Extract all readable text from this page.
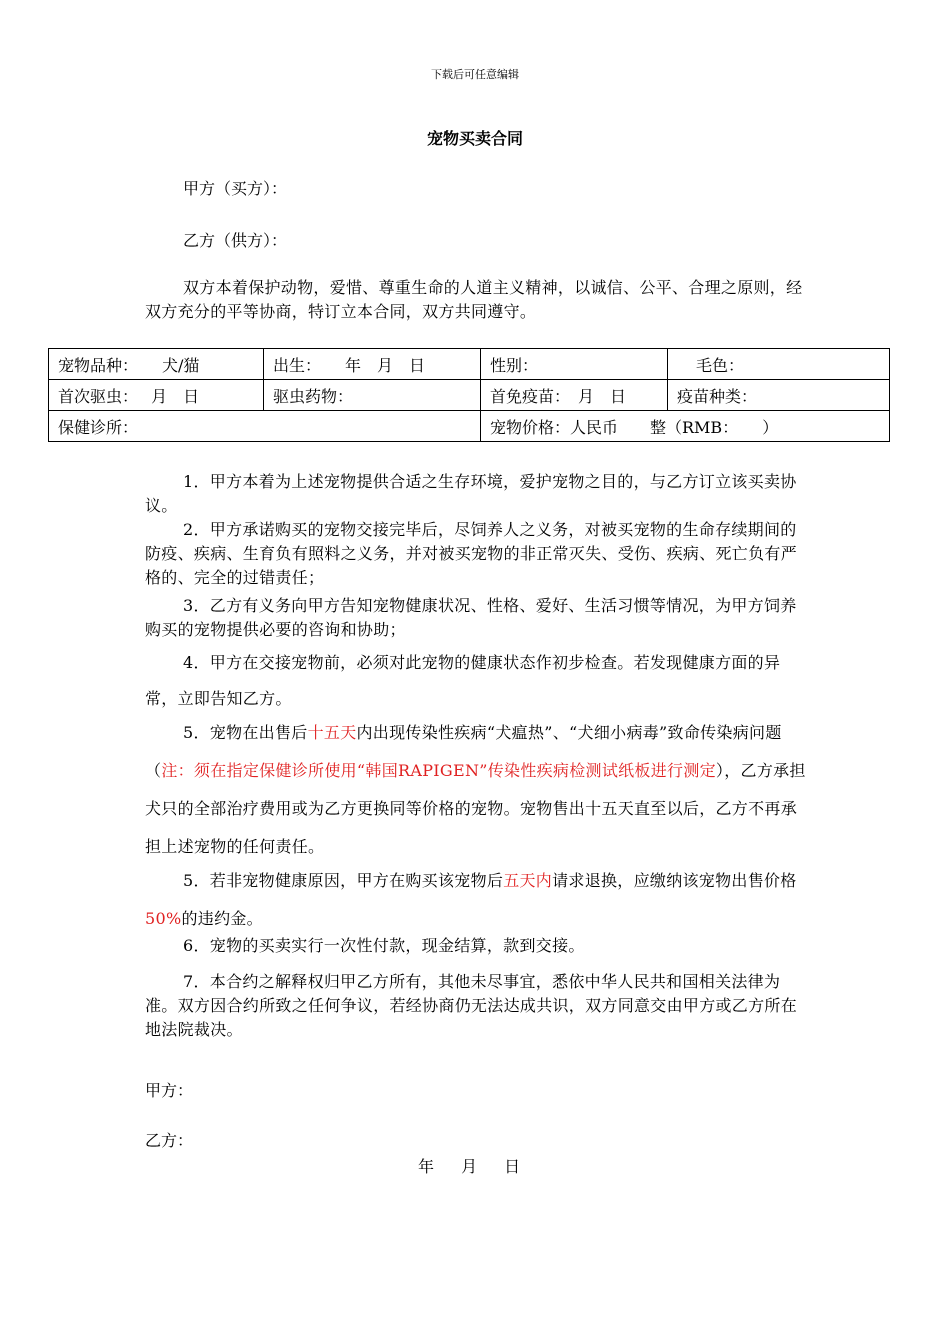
下载后可任意编辑
宠物买卖合同
甲方（买方）：
乙方（供方）：
双方本着保护动物，爱惜、尊重生命的人道主义精神，以诚信、公平、合理之原则，经双方充分的平等协商，特订立本合同，双方共同遵守。
宠物品种：　　犬/猫	出生：　　年　月　日	性别：	毛色：
首次驱虫：　 月　日	驱虫药物：	首免疫苗：　月　日	疫苗种类：
保健诊所：		宠物价格：人民币　　整（RMB：　　）	
1．甲方本着为上述宠物提供合适之生存环境，爱护宠物之目的，与乙方订立该买卖协议。
2．甲方承诺购买的宠物交接完毕后，尽饲养人之义务，对被买宠物的生命存续期间的防疫、疾病、生育负有照料之义务，并对被买宠物的非正常灭失、受伤、疾病、死亡负有严格的、完全的过错责任；
3．乙方有义务向甲方告知宠物健康状况、性格、爱好、生活习惯等情况，为甲方饲养购买的宠物提供必要的咨询和协助；
4．甲方在交接宠物前，必须对此宠物的健康状态作初步检查。若发现健康方面的异常，立即告知乙方。
5．宠物在出售后十五天内出现传染性疾病“犬瘟热”、“犬细小病毒”致命传染病问题（注：须在指定保健诊所使用“韩国RAPIGEN”传染性疾病检测试纸板进行测定），乙方承担犬只的全部治疗费用或为乙方更换同等价格的宠物。宠物售出十五天直至以后，乙方不再承担上述宠物的任何责任。
5．若非宠物健康原因，甲方在购买该宠物后五天内请求退换，应缴纳该宠物出售价格50%的违约金。
6．宠物的买卖实行一次性付款，现金结算，款到交接。
7．本合约之解释权归甲乙方所有，其他未尽事宜，悉依中华人民共和国相关法律为准。双方因合约所致之任何争议，若经协商仍无法达成共识，双方同意交由甲方或乙方所在地法院裁决。
甲方：
乙方：
年 月 日
